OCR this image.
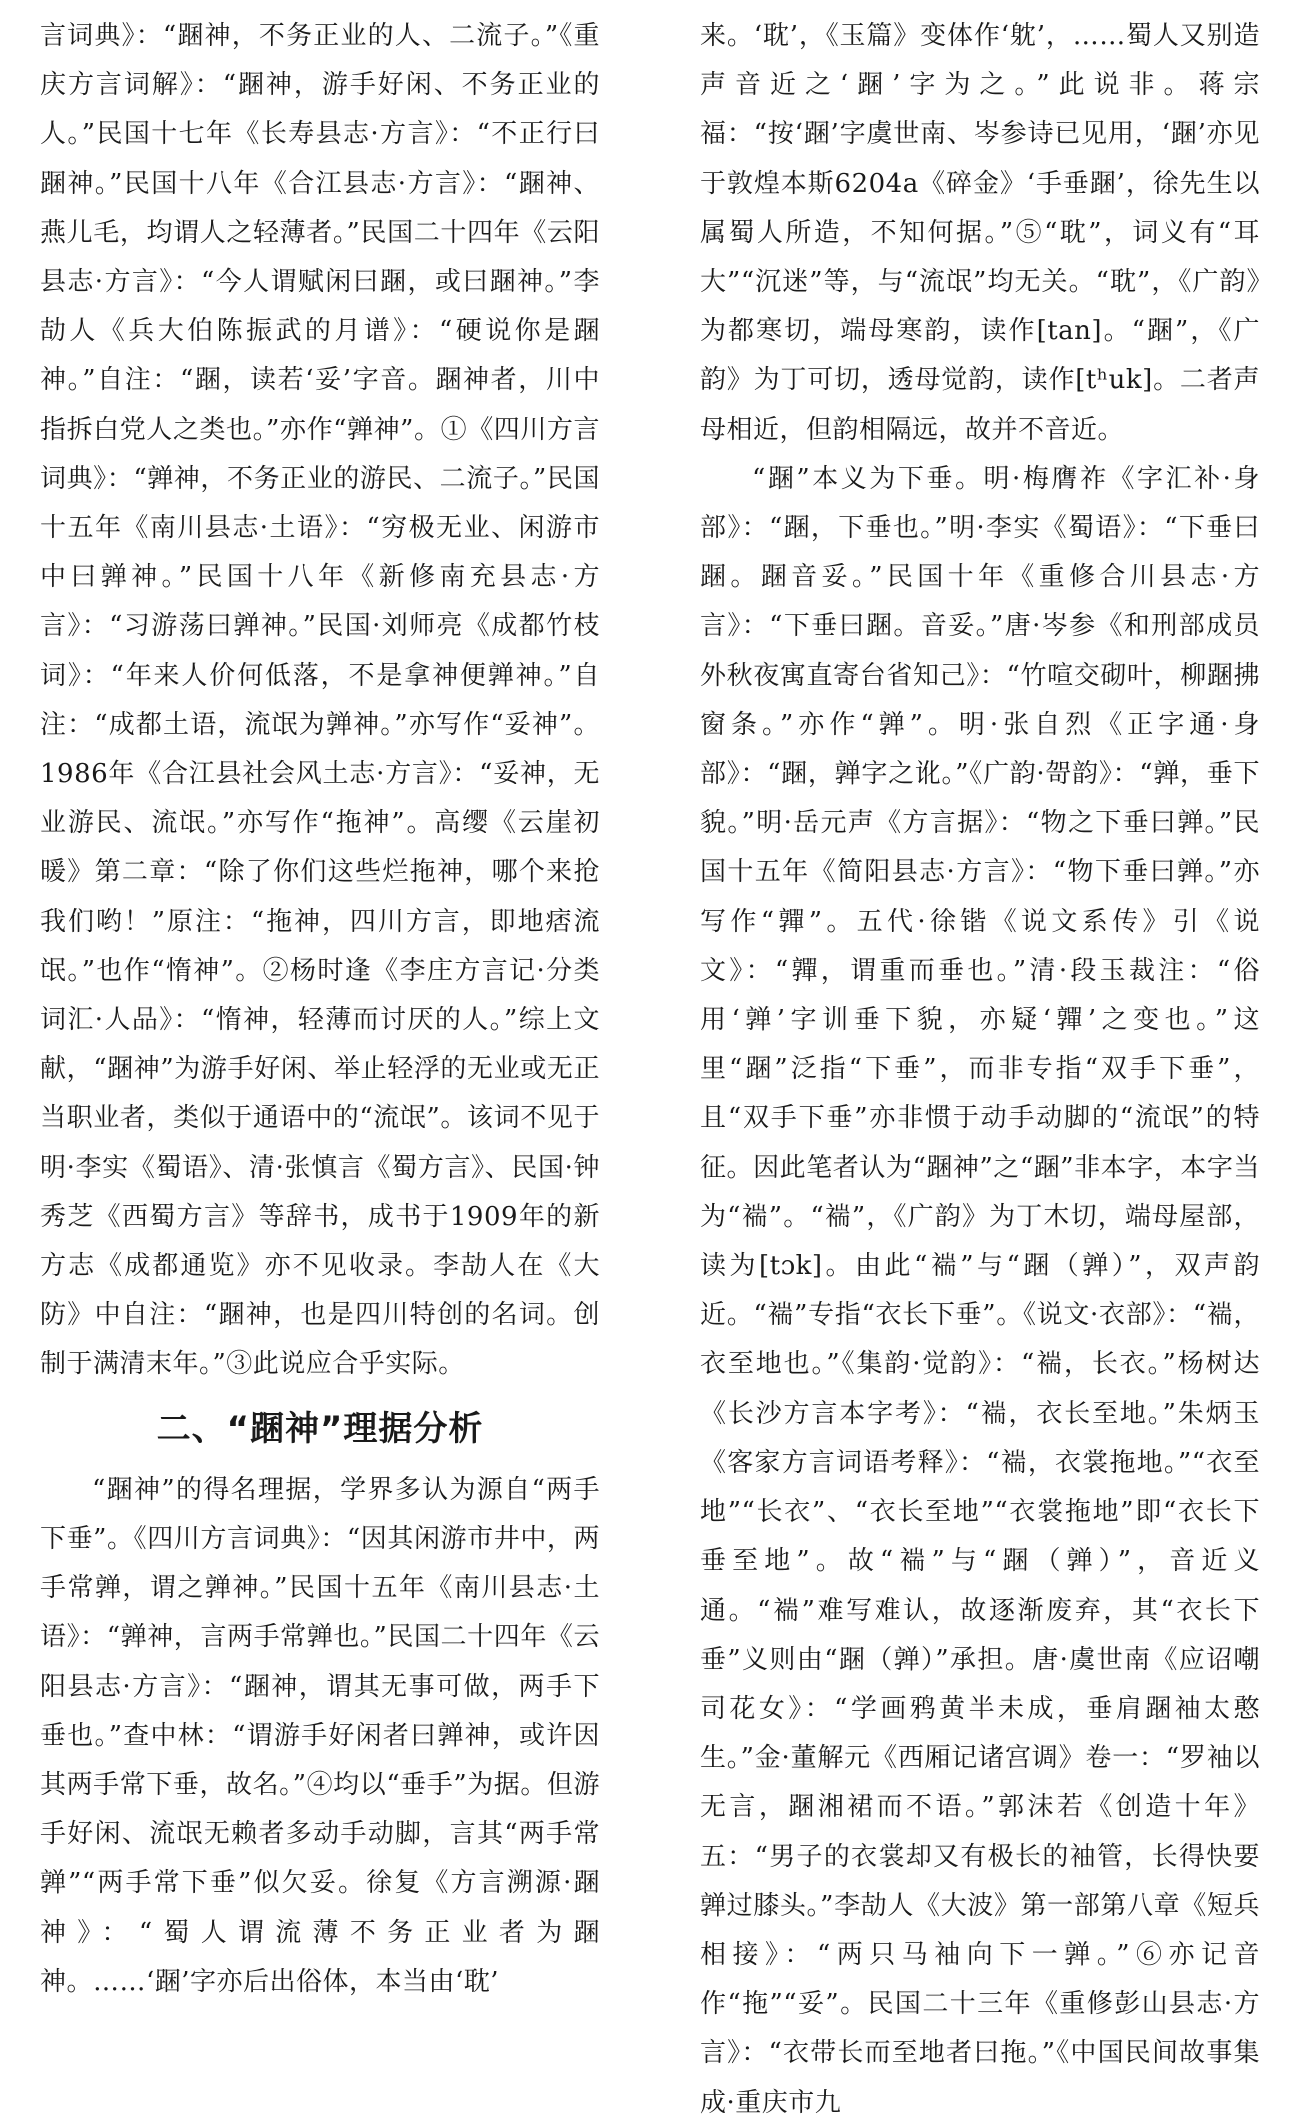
言词典》：“䠅神，不务正业的人、二流子。”《重庆方言词解》：“䠅神，游手好闲、不务正业的人。”民国十七年《长寿县志·方言》：“不正行曰䠅神。”民国十八年《合江县志·方言》：“䠅神、燕儿毛，均谓人之轻薄者。”民国二十四年《云阳县志·方言》：“今人谓赋闲曰䠅，或曰䠅神。”李劼人《兵大伯陈振武的月谱》：“硬说你是䠅神。”自注：“䠅，读若‘妥’字音。䠅神者，川中指拆白党人之类也。”亦作“亸神”。①《四川方言词典》：“亸神，不务正业的游民、二流子。”民国十五年《南川县志·土语》：“穷极无业、闲游市中曰亸神。”民国十八年《新修南充县志·方言》：“习游荡曰亸神。”民国·刘师亮《成都竹枝词》：“年来人价何低落，不是拿神便亸神。”自注：“成都土语，流氓为亸神。”亦写作“妥神”。1986年《合江县社会风土志·方言》：“妥神，无业游民、流氓。”亦写作“拖神”。高缨《云崖初暖》第二章：“除了你们这些烂拖神，哪个来抢我们哟！”原注：“拖神，四川方言，即地痞流氓。”也作“惰神”。②杨时逢《李庄方言记·分类词汇·人品》：“惰神，轻薄而讨厌的人。”综上文献，“䠅神”为游手好闲、举止轻浮的无业或无正当职业者，类似于通语中的“流氓”。该词不见于明·李实《蜀语》、清·张慎言《蜀方言》、民国·钟秀芝《西蜀方言》等辞书，成书于1909年的新方志《成都通览》亦不见收录。李劼人在《大防》中自注：“䠅神，也是四川特创的名词。创制于满清末年。”③此说应合乎实际。

二、“䠅神”理据分析

“䠅神”的得名理据，学界多认为源自“两手下垂”。《四川方言词典》：“因其闲游市井中，两手常亸，谓之亸神。”民国十五年《南川县志·土语》：“亸神，言两手常亸也。”民国二十四年《云阳县志·方言》：“䠅神，谓其无事可做，两手下垂也。”查中林：“谓游手好闲者曰亸神，或许因其两手常下垂，故名。”④均以“垂手”为据。但游手好闲、流氓无赖者多动手动脚，言其“两手常亸”“两手常下垂”似欠妥。徐复《方言溯源·䠅神》：“蜀人谓流薄不务正业者为䠅神。……‘䠅’字亦后出俗体，本当由‘耽’

来。‘耽’，《玉篇》变体作‘躭’，……蜀人又别造声音近之‘䠅’字为之。”此说非。蒋宗福：“按‘䠅’字虞世南、岑参诗已见用，‘䠅’亦见于敦煌本斯6204a《碎金》‘手垂䠅’，徐先生以属蜀人所造，不知何据。”⑤“耽”，词义有“耳大”“沉迷”等，与“流氓”均无关。“耽”，《广韵》为都寒切，端母寒韵，读作[tan]。“䠅”，《广韵》为丁可切，透母觉韵，读作[tʰuk]。二者声母相近，但韵相隔远，故并不音近。

“䠅”本义为下垂。明·梅膺祚《字汇补·身部》：“䠅，下垂也。”明·李实《蜀语》：“下垂曰䠅。䠅音妥。”民国十年《重修合川县志·方言》：“下垂曰䠅。音妥。”唐·岑参《和刑部成员外秋夜寓直寄台省知己》：“竹喧交砌叶，柳䠅拂窗条。”亦作“亸”。明·张自烈《正字通·身部》：“䠅，亸字之讹。”《广韵·哿韵》：“亸，垂下貌。”明·岳元声《方言据》：“物之下垂曰亸。”民国十五年《简阳县志·方言》：“物下垂曰亸。”亦写作“嚲”。五代·徐锴《说文系传》引《说文》：“嚲，谓重而垂也。”清·段玉裁注：“俗用‘亸’字训垂下貌，亦疑‘嚲’之变也。”这里“䠅”泛指“下垂”，而非专指“双手下垂”，且“双手下垂”亦非惯于动手动脚的“流氓”的特征。因此笔者认为“䠅神”之“䠅”非本字，本字当为“褍”。“褍”，《广韵》为丁木切，端母屋部，读为[tɔk]。由此“褍”与“䠅（亸）”，双声韵近。“褍”专指“衣长下垂”。《说文·衣部》：“褍，衣至地也。”《集韵·觉韵》：“褍，长衣。”杨树达《长沙方言本字考》：“褍，衣长至地。”朱炳玉《客家方言词语考释》：“褍，衣裳拖地。”“衣至地”“长衣”、“衣长至地”“衣裳拖地”即“衣长下垂至地”。故“褍”与“䠅（亸）”，音近义通。“褍”难写难认，故逐渐废弃，其“衣长下垂”义则由“䠅（亸）”承担。唐·虞世南《应诏嘲司花女》：“学画鸦黄半未成，垂肩䠅袖太憨生。”金·董解元《西厢记诸宫调》卷一：“罗袖以无言，䠅湘裙而不语。”郭沫若《创造十年》五：“男子的衣裳却又有极长的袖管，长得快要亸过膝头。”李劼人《大波》第一部第八章《短兵相接》：“两只马袖向下一亸。”⑥亦记音作“拖”“妥”。民国二十三年《重修彭山县志·方言》：“衣带长而至地者曰拖。”《中国民间故事集成·重庆市九
